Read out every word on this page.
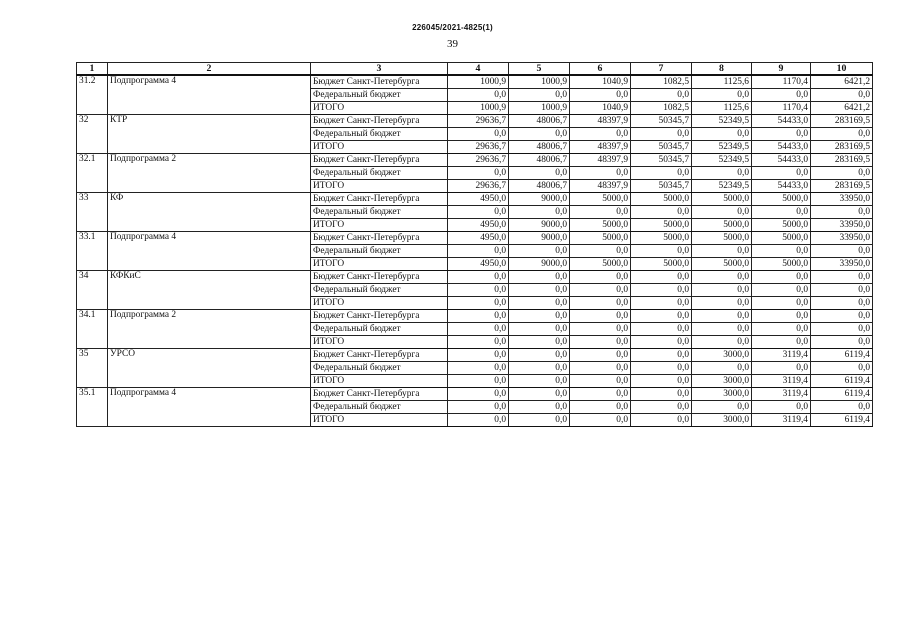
226045/2021-4825(1)
39
1	2	3	4	5	6	7	8	9	10
31.2	Подпрограмма 4	Бюджет Санкт-Петербурга	1000,9	1000,9	1040,9	1082,5	1125,6	1170,4	6421,2
		Федеральный бюджет	0,0	0,0	0,0	0,0	0,0	0,0	0,0
		ИТОГО	1000,9	1000,9	1040,9	1082,5	1125,6	1170,4	6421,2
32	КТР	Бюджет Санкт-Петербурга	29636,7	48006,7	48397,9	50345,7	52349,5	54433,0	283169,5
		Федеральный бюджет	0,0	0,0	0,0	0,0	0,0	0,0	0,0
		ИТОГО	29636,7	48006,7	48397,9	50345,7	52349,5	54433,0	283169,5
32.1	Подпрограмма 2	Бюджет Санкт-Петербурга	29636,7	48006,7	48397,9	50345,7	52349,5	54433,0	283169,5
		Федеральный бюджет	0,0	0,0	0,0	0,0	0,0	0,0	0,0
		ИТОГО	29636,7	48006,7	48397,9	50345,7	52349,5	54433,0	283169,5
33	КФ	Бюджет Санкт-Петербурга	4950,0	9000,0	5000,0	5000,0	5000,0	5000,0	33950,0
		Федеральный бюджет	0,0	0,0	0,0	0,0	0,0	0,0	0,0
		ИТОГО	4950,0	9000,0	5000,0	5000,0	5000,0	5000,0	33950,0
33.1	Подпрограмма 4	Бюджет Санкт-Петербурга	4950,0	9000,0	5000,0	5000,0	5000,0	5000,0	33950,0
		Федеральный бюджет	0,0	0,0	0,0	0,0	0,0	0,0	0,0
		ИТОГО	4950,0	9000,0	5000,0	5000,0	5000,0	5000,0	33950,0
34	КФКиС	Бюджет Санкт-Петербурга	0,0	0,0	0,0	0,0	0,0	0,0	0,0
		Федеральный бюджет	0,0	0,0	0,0	0,0	0,0	0,0	0,0
		ИТОГО	0,0	0,0	0,0	0,0	0,0	0,0	0,0
34.1	Подпрограмма 2	Бюджет Санкт-Петербурга	0,0	0,0	0,0	0,0	0,0	0,0	0,0
		Федеральный бюджет	0,0	0,0	0,0	0,0	0,0	0,0	0,0
		ИТОГО	0,0	0,0	0,0	0,0	0,0	0,0	0,0
35	УРСО	Бюджет Санкт-Петербурга	0,0	0,0	0,0	0,0	3000,0	3119,4	6119,4
		Федеральный бюджет	0,0	0,0	0,0	0,0	0,0	0,0	0,0
		ИТОГО	0,0	0,0	0,0	0,0	3000,0	3119,4	6119,4
35.1	Подпрограмма 4	Бюджет Санкт-Петербурга	0,0	0,0	0,0	0,0	3000,0	3119,4	6119,4
		Федеральный бюджет	0,0	0,0	0,0	0,0	0,0	0,0	0,0
		ИТОГО	0,0	0,0	0,0	0,0	3000,0	3119,4	6119,4
